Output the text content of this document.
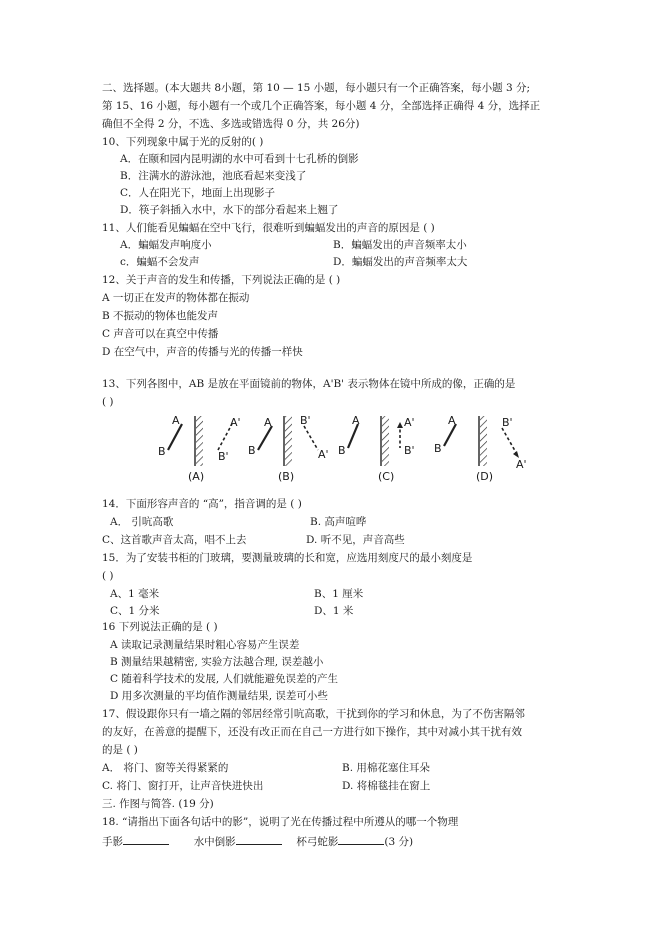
二、选择题。(本大题共 8小题，第 10 — 15 小题，每小题只有一个正确答案，每小题 3 分;
第 15、16 小题，每小题有一个或几个正确答案，每小题 4 分，全部选择正确得 4 分，选择正
确但不全得 2 分，不选、多选或错选得 0 分，共 26分)
10、下列现象中属于光的反射的( )
A．在颐和园内昆明湖的水中可看到十七孔桥的倒影
B．注满水的游泳池，池底看起来变浅了
C．人在阳光下，地面上出现影子
D．筷子斜插入水中，水下的部分看起来上翘了
11、人们能看见蝙蝠在空中飞行，很难听到蝙蝠发出的声音的原因是 ( )
A．蝙蝠发声响度小	B．蝙蝠发出的声音频率太小
c．蝙蝠不会发声	D．蝙蝠发出的声音频率太大
12、关于声音的发生和传播，下列说法正确的是 ( )
A 一切正在发声的物体都在振动
B 不振动的物体也能发声
C 声音可以在真空中传播
D 在空气中，声音的传播与光的传播一样快
13、下列各图中，AB 是放在平面镜前的物体，A'B' 表示物体在镜中所成的像，正确的是
( )
A
B
A'
B'
(A)
A
B
B'
A'
(B)
A
B
A'
B'
(C)
A
B
B'
A'
(D)
14．下面形容声音的 “高”，指音调的是 ( )
A． 引吭高歌	B. 高声喧哗
C、这首歌声音太高，唱不上去	D. 听不见，声音高些
15．为了安装书柜的门玻璃，要测量玻璃的长和宽，应选用刻度尺的最小刻度是
( )
A、1 毫米	B、1 厘米
C、1 分米	D、1 米
16 下列说法正确的是 ( )
A 读取记录测量结果时粗心容易产生误差
B 测量结果越精密, 实验方法越合理, 误差越小
C 随着科学技术的发展, 人们就能避免误差的产生
D 用多次测量的平均值作测量结果, 误差可小些
17、假设跟你只有一墙之隔的邻居经常引吭高歌，干扰到你的学习和休息，为了不伤害隔邻
的友好，在善意的提醒下，还没有改正而在自己一方进行如下操作，其中对减小其干扰有效
的是 ( )
A． 将门、窗等关得紧紧的	B. 用棉花塞住耳朵
C. 将门、窗打开，让声音快进快出	D. 将棉毯挂在窗上
三. 作图与简答. (19 分)
18. “请指出下面各句话中的影”，说明了光在传播过程中所遵从的哪一个物理
手影	水中倒影	杯弓蛇影	(3 分)
